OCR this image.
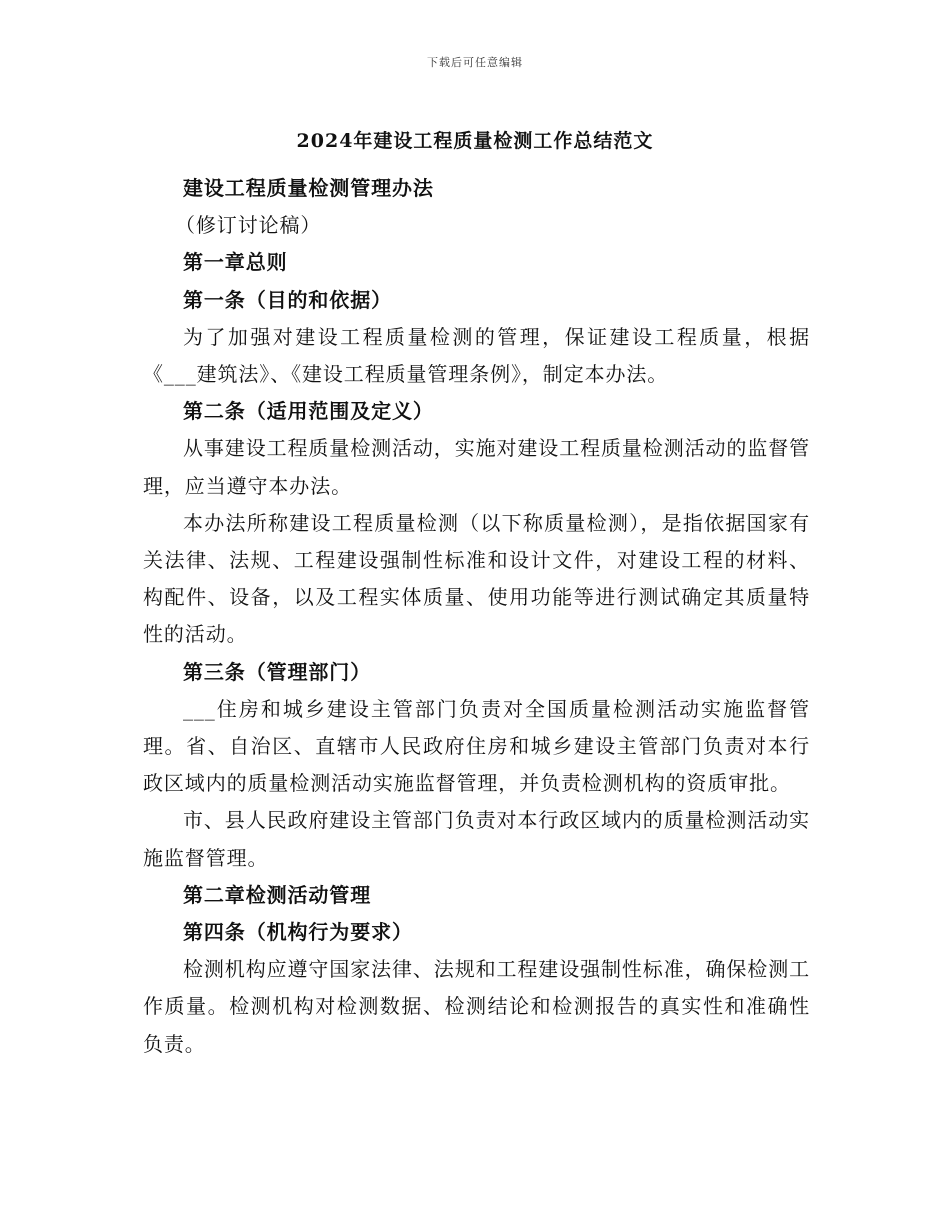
下载后可任意编辑
2024年建设工程质量检测工作总结范文

建设工程质量检测管理办法

（修订讨论稿）

第一章总则

第一条（目的和依据）

为了加强对建设工程质量检测的管理，保证建设工程质量，根据《___建筑法》、《建设工程质量管理条例》，制定本办法。

第二条（适用范围及定义）

从事建设工程质量检测活动，实施对建设工程质量检测活动的监督管理，应当遵守本办法。

本办法所称建设工程质量检测（以下称质量检测），是指依据国家有关法律、法规、工程建设强制性标准和设计文件，对建设工程的材料、构配件、设备，以及工程实体质量、使用功能等进行测试确定其质量特性的活动。

第三条（管理部门）

___住房和城乡建设主管部门负责对全国质量检测活动实施监督管理。省、自治区、直辖市人民政府住房和城乡建设主管部门负责对本行政区域内的质量检测活动实施监督管理，并负责检测机构的资质审批。

市、县人民政府建设主管部门负责对本行政区域内的质量检测活动实施监督管理。

第二章检测活动管理

第四条（机构行为要求）

检测机构应遵守国家法律、法规和工程建设强制性标准，确保检测工作质量。检测机构对检测数据、检测结论和检测报告的真实性和准确性负责。
